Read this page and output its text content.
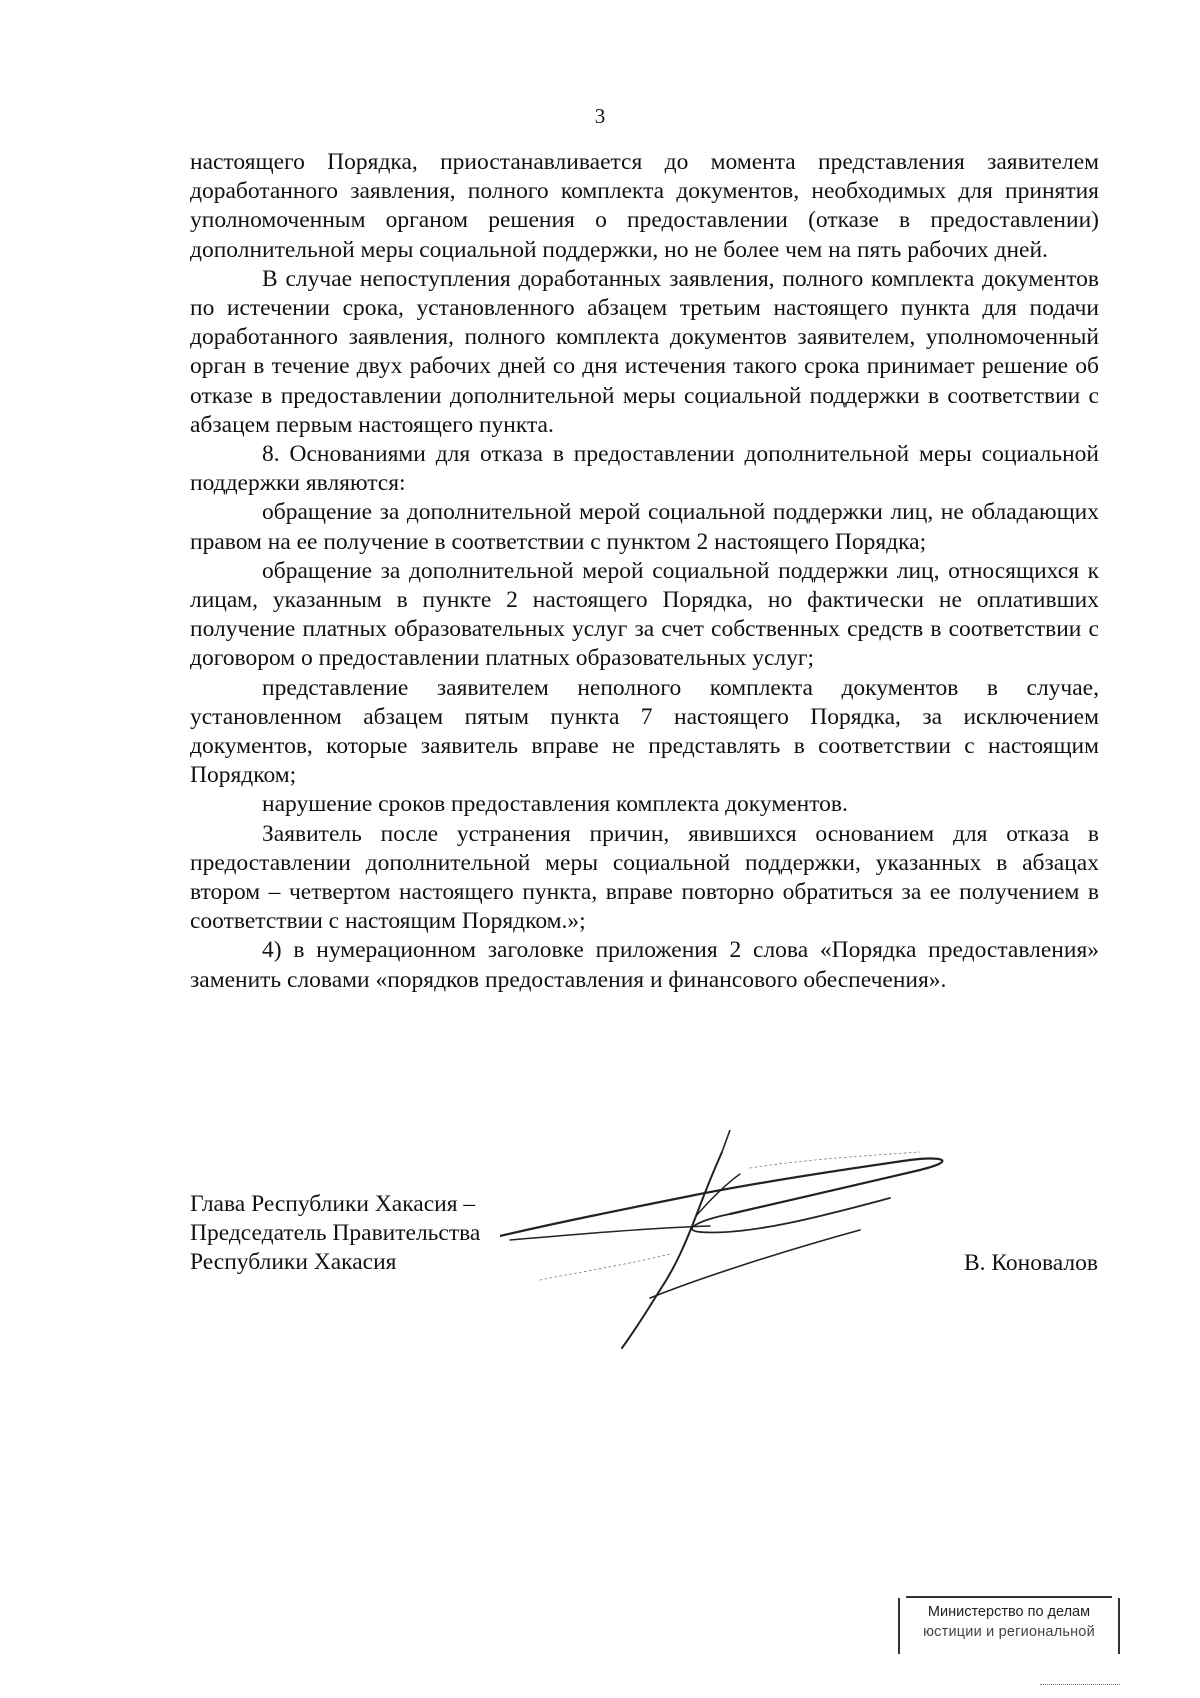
3

настоящего Порядка, приостанавливается до момента представления заявителем доработанного заявления, полного комплекта документов, необходимых для принятия уполномоченным органом решения о предоставлении (отказе в предоставлении) дополнительной меры социальной поддержки, но не более чем на пять рабочих дней.

В случае непоступления доработанных заявления, полного комплекта документов по истечении срока, установленного абзацем третьим настоящего пункта для подачи доработанного заявления, полного комплекта документов заявителем, уполномоченный орган в течение двух рабочих дней со дня истечения такого срока принимает решение об отказе в предоставлении дополнительной меры социальной поддержки в соответствии с абзацем первым настоящего пункта.

8. Основаниями для отказа в предоставлении дополнительной меры социальной поддержки являются:

обращение за дополнительной мерой социальной поддержки лиц, не обладающих правом на ее получение в соответствии с пунктом 2 настоящего Порядка;

обращение за дополнительной мерой социальной поддержки лиц, относящихся к лицам, указанным в пункте 2 настоящего Порядка, но фактически не оплативших получение платных образовательных услуг за счет собственных средств в соответствии с договором о предоставлении платных образовательных услуг;

представление заявителем неполного комплекта документов в случае, установленном абзацем пятым пункта 7 настоящего Порядка, за исключением документов, которые заявитель вправе не представлять в соответствии с настоящим Порядком;

нарушение сроков предоставления комплекта документов.

Заявитель после устранения причин, явившихся основанием для отказа в предоставлении дополнительной меры социальной поддержки, указанных в абзацах втором – четвертом настоящего пункта, вправе повторно обратиться за ее получением в соответствии с настоящим Порядком.»;

4) в нумерационном заголовке приложения 2 слова «Порядка предоставления» заменить словами «порядков предоставления и финансового обеспечения».

Глава Республики Хакасия –
Председатель Правительства
Республики Хакасия	В. Коновалов
Министерство по делам
юстиции и региональной
